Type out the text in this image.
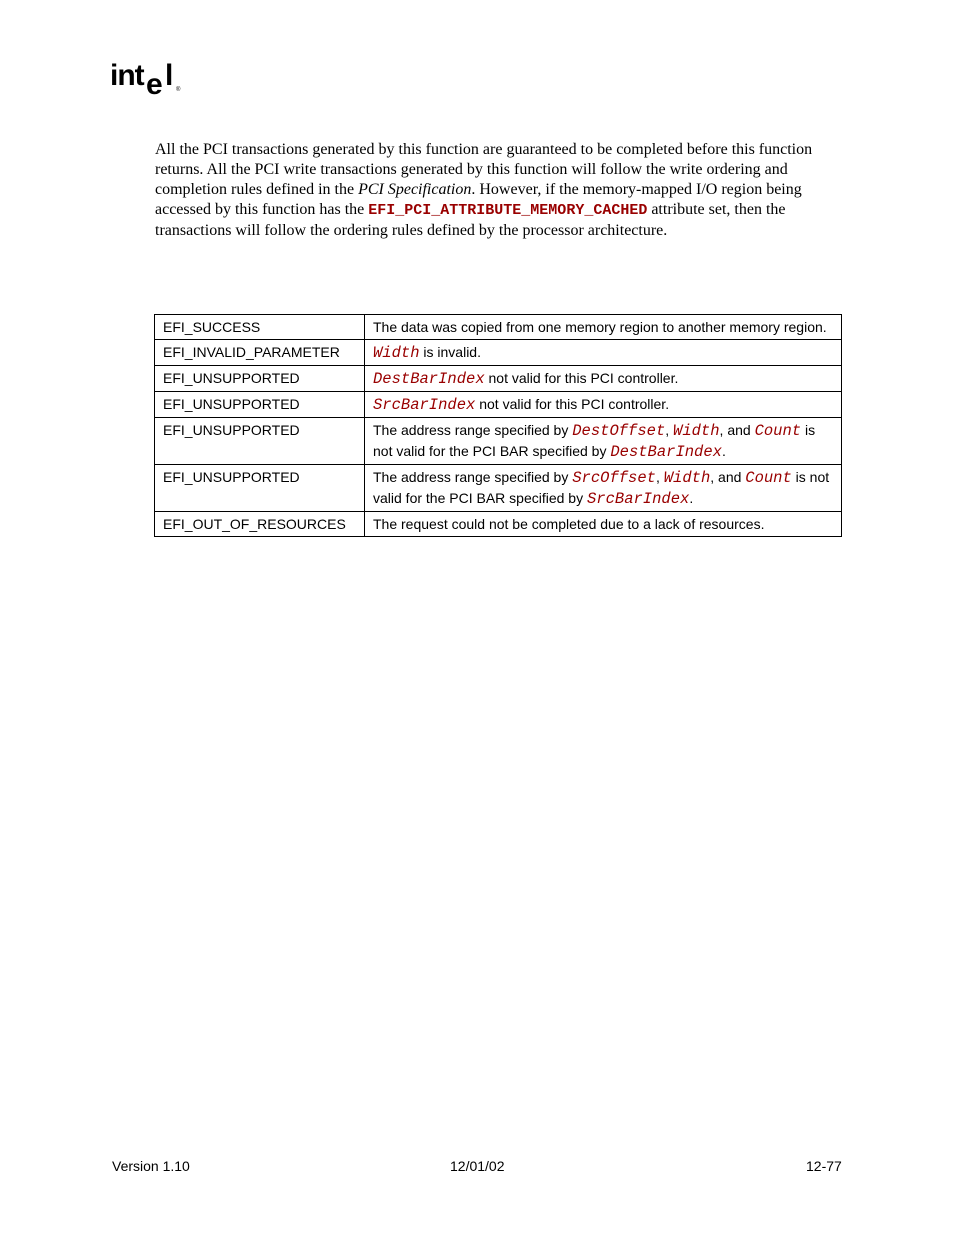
int e l ®

All the PCI transactions generated by this function are guaranteed to be completed before this function returns. All the PCI write transactions generated by this function will follow the write ordering and completion rules defined in the PCI Specification. However, if the memory-mapped I/O region being accessed by this function has the EFI_PCI_ATTRIBUTE_MEMORY_CACHED attribute set, then the transactions will follow the ordering rules defined by the processor architecture.

EFI_SUCCESS	The data was copied from one memory region to another memory region.
EFI_INVALID_PARAMETER	Width is invalid.
EFI_UNSUPPORTED	DestBarIndex not valid for this PCI controller.
EFI_UNSUPPORTED	SrcBarIndex not valid for this PCI controller.
EFI_UNSUPPORTED	The address range specified by DestOffset, Width, and Count is not valid for the PCI BAR specified by DestBarIndex.
EFI_UNSUPPORTED	The address range specified by SrcOffset, Width, and Count is not valid for the PCI BAR specified by SrcBarIndex.
EFI_OUT_OF_RESOURCES	The request could not be completed due to a lack of resources.
Version 1.10	12/01/02	12-77
